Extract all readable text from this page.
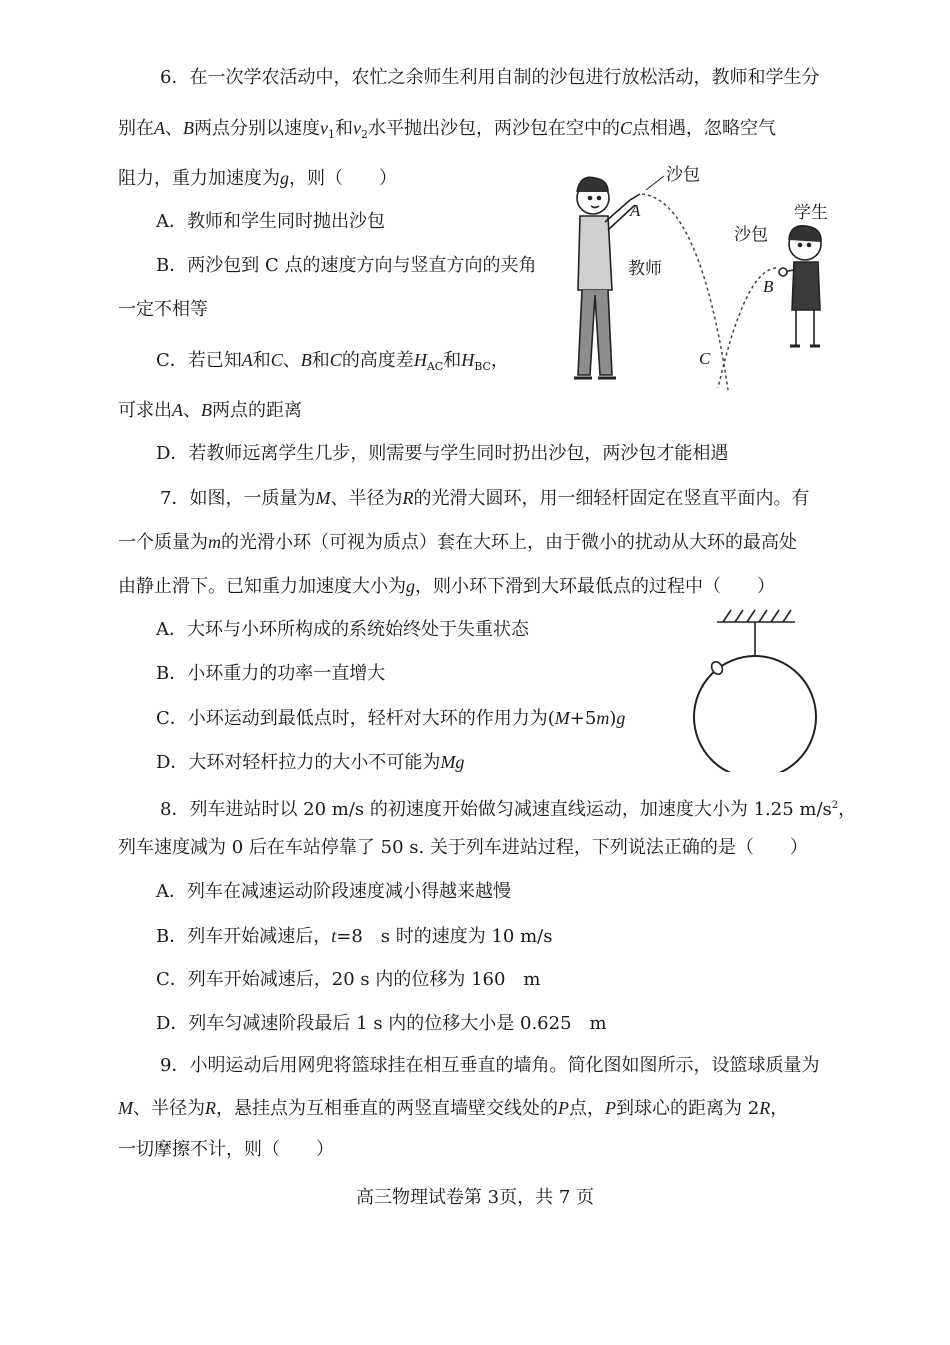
6．在一次学农活动中，农忙之余师生利用自制的沙包进行放松活动，教师和学生分
别在A、B两点分别以速度$v_1$和$v_2$水平抛出沙包，两沙包在空中的C点相遇，忽略空气
阻力，重力加速度为g，则（　　）
A．教师和学生同时抛出沙包
B．两沙包到 C 点的速度方向与竖直方向的夹角
一定不相等
C．若已知A和C、B和C的高度差$H_{AC}$和$H_{BC}$，
可求出A、B两点的距离
D．若教师远离学生几步，则需要与学生同时扔出沙包，两沙包才能相遇
沙包
A
教师
学生
沙包
B
C
7．如图，一质量为M、半径为R的光滑大圆环，用一细轻杆固定在竖直平面内。有
一个质量为m的光滑小环（可视为质点）套在大环上，由于微小的扰动从大环的最高处
由静止滑下。已知重力加速度大小为g，则小环下滑到大环最低点的过程中（　　）
A．大环与小环所构成的系统始终处于失重状态
B．小环重力的功率一直增大
C．小环运动到最低点时，轻杆对大环的作用力为(M+5m)g
D．大环对轻杆拉力的大小不可能为Mg
8．列车进站时以 20 m/s 的初速度开始做匀减速直线运动，加速度大小为 1.25 $m/s^2$，
列车速度减为 0 后在车站停靠了 50 s. 关于列车进站过程，下列说法正确的是（　　）
A．列车在减速运动阶段速度减小得越来越慢
B．列车开始减速后，t=8　s 时的速度为 10 m/s
C．列车开始减速后，20 s 内的位移为 160　m
D．列车匀减速阶段最后 1 s 内的位移大小是 0.625　m
9．小明运动后用网兜将篮球挂在相互垂直的墙角。简化图如图所示，设篮球质量为
M、半径为R，悬挂点为互相垂直的两竖直墙壁交线处的P点，P到球心的距离为 2R，
一切摩擦不计，则（　　）
高三物理试卷第 3页，共 7 页
